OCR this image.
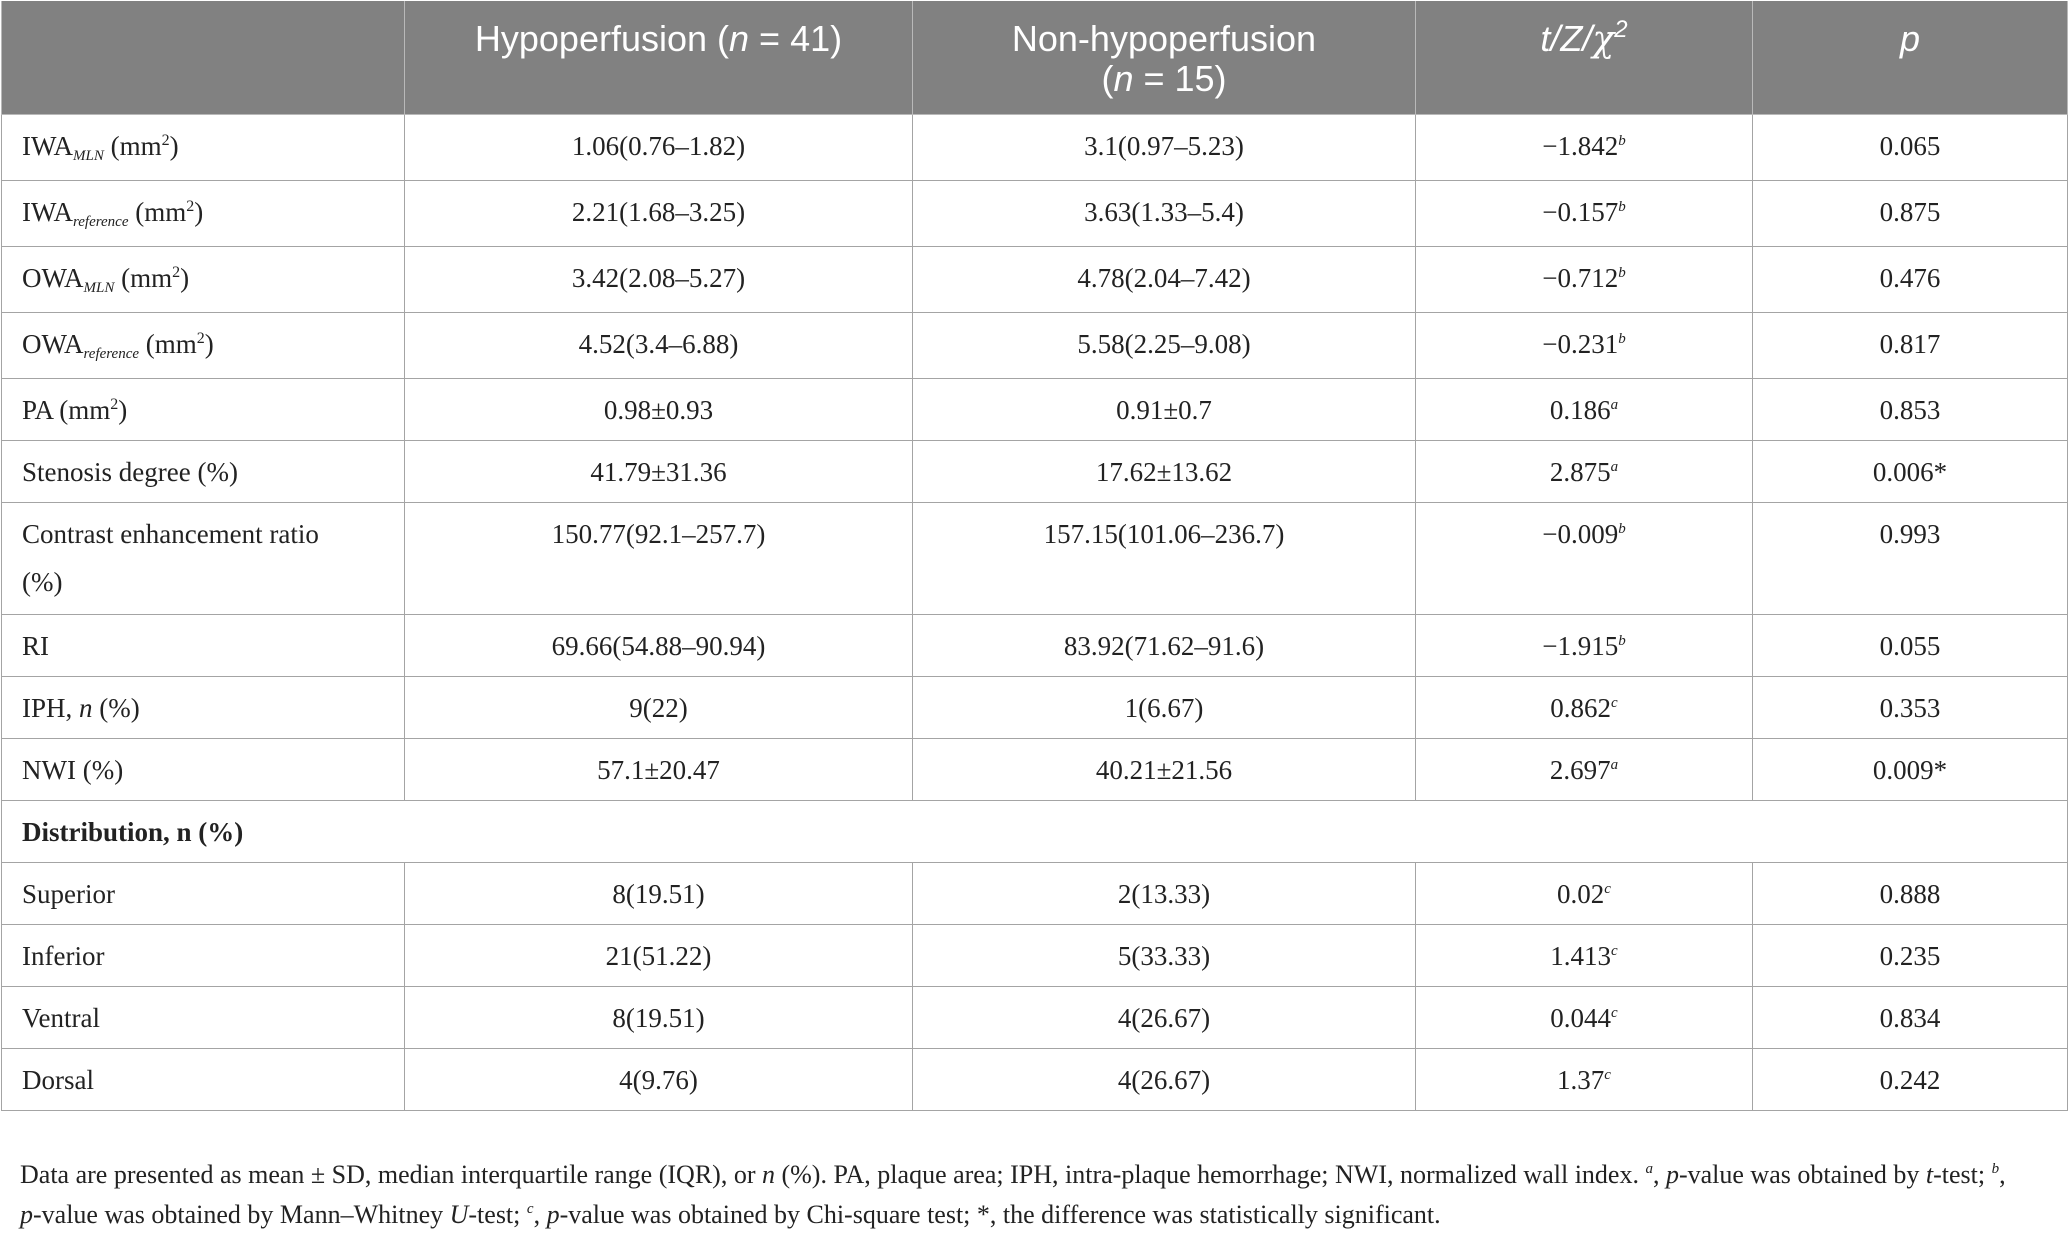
	Hypoperfusion (n = 41)	Non-hypoperfusion
(n = 15)	$t/Z/\chi^2$	p
$IWA_{MLN}$ $(mm^2)$	1.06(0.76–1.82)	3.1(0.97–5.23)	−1.842$^b$	0.065
$IWA_{reference}$ $(mm^2)$	2.21(1.68–3.25)	3.63(1.33–5.4)	−0.157$^b$	0.875
$OWA_{MLN}$ $(mm^2)$	3.42(2.08–5.27)	4.78(2.04–7.42)	−0.712$^b$	0.476
$OWA_{reference}$ $(mm^2)$	4.52(3.4–6.88)	5.58(2.25–9.08)	−0.231$^b$	0.817
PA $(mm^2)$	0.98±0.93	0.91±0.7	0.186$^a$	0.853
Stenosis degree (%)	41.79±31.36	17.62±13.62	2.875$^a$	0.006*
Contrast enhancement ratio
(%)	150.77(92.1–257.7)	157.15(101.06–236.7)	−0.009$^b$	0.993
RI	69.66(54.88–90.94)	83.92(71.62–91.6)	−1.915$^b$	0.055
IPH, n (%)	9(22)	1(6.67)	0.862$^c$	0.353
NWI (%)	57.1±20.47	40.21±21.56	2.697$^a$	0.009*
Distribution, n (%)				
Superior	8(19.51)	2(13.33)	0.02$^c$	0.888
Inferior	21(51.22)	5(33.33)	1.413$^c$	0.235
Ventral	8(19.51)	4(26.67)	0.044$^c$	0.834
Dorsal	4(9.76)	4(26.67)	1.37$^c$	0.242
Data are presented as mean ± SD, median interquartile range (IQR), or n (%). PA, plaque area; IPH, intra-plaque hemorrhage; NWI, normalized wall index. $^a$, p-value was obtained by t-test; $^b$,
p-value was obtained by Mann–Whitney U-test; $^c$, p-value was obtained by Chi-square test; *, the difference was statistically significant.
